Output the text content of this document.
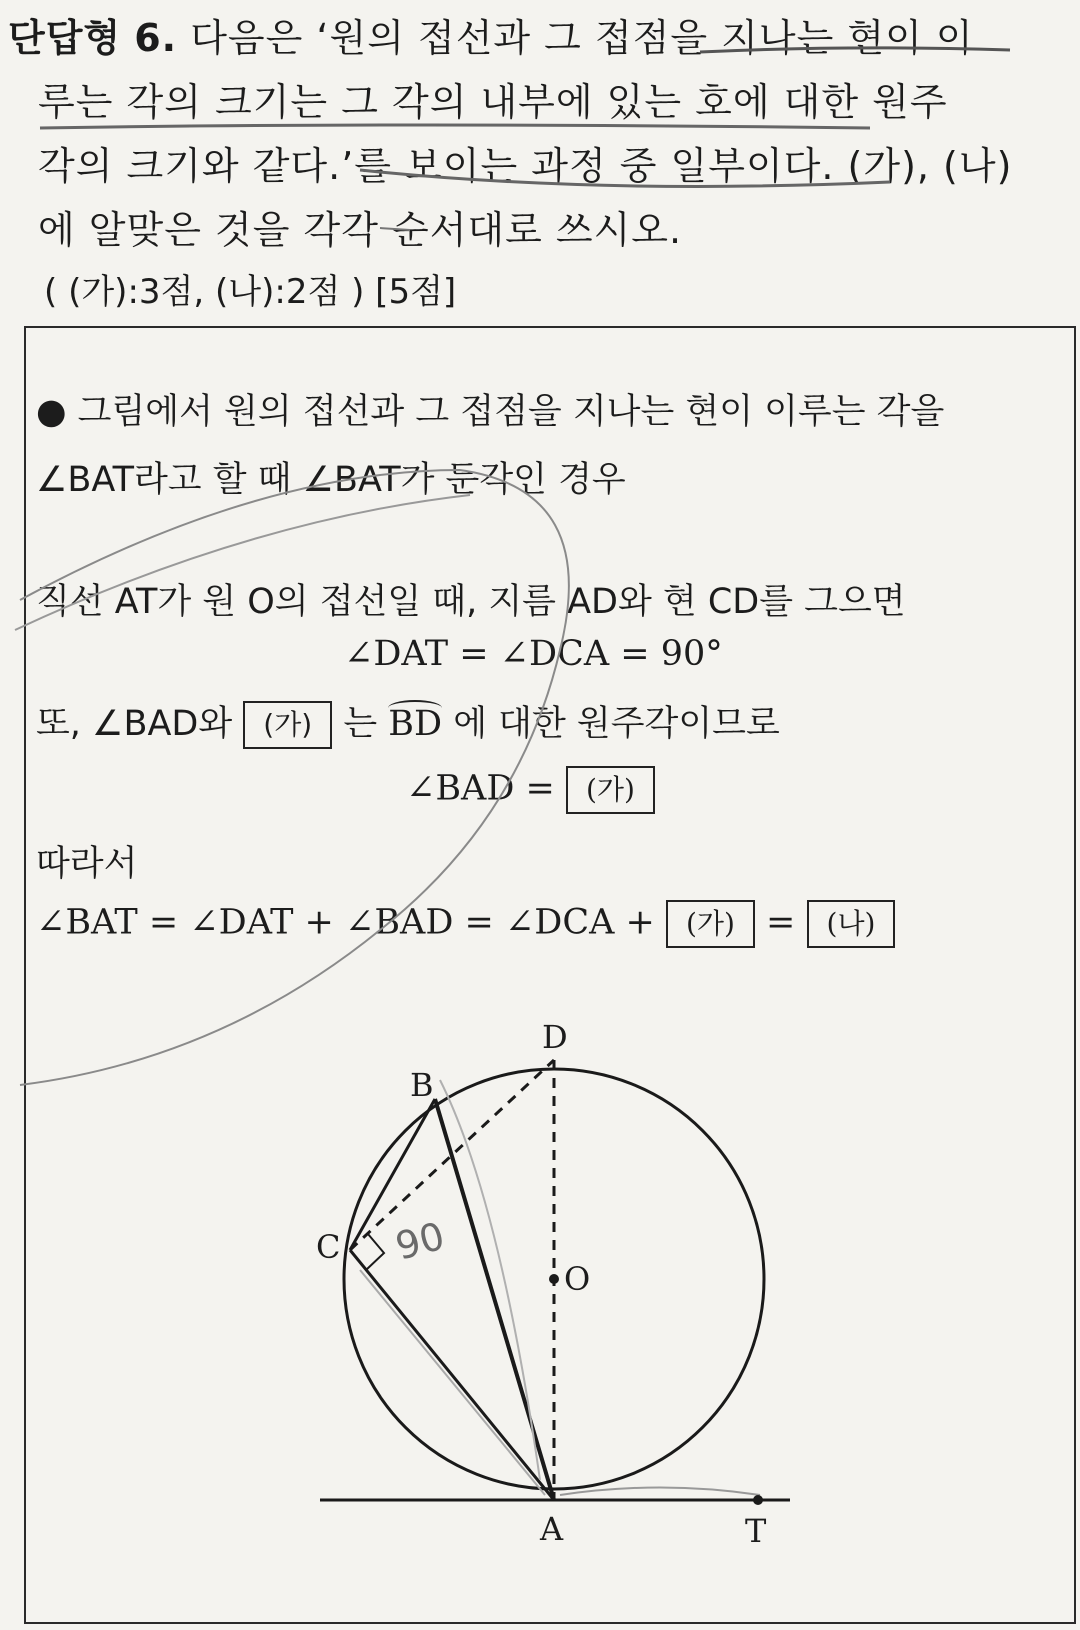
단답형 6. 다음은 ‘원의 접선과 그 접점을 지나는 현이 이
루는 각의 크기는 그 각의 내부에 있는 호에 대한 원주
각의 크기와 같다.’를 보이는 과정 중 일부이다. (가), (나)
에 알맞은 것을 각각 순서대로 쓰시오.
( (가):3점, (나):2점 ) [5점]
● 그림에서 원의 접선과 그 접점을 지나는 현이 이루는 각을
∠BAT라고 할 때 ∠BAT가 둔각인 경우
직선 AT가 원 O의 접선일 때, 지름 AD와 현 CD를 그으면
∠DAT = ∠DCA = 90°
또, ∠BAD와 (가) 는 BD 에 대한 원주각이므로
∠BAD = (가)
따라서
∠BAT = ∠DAT + ∠BAD = ∠DCA + (가) = (나)
D
B
C
O
A	T
90
